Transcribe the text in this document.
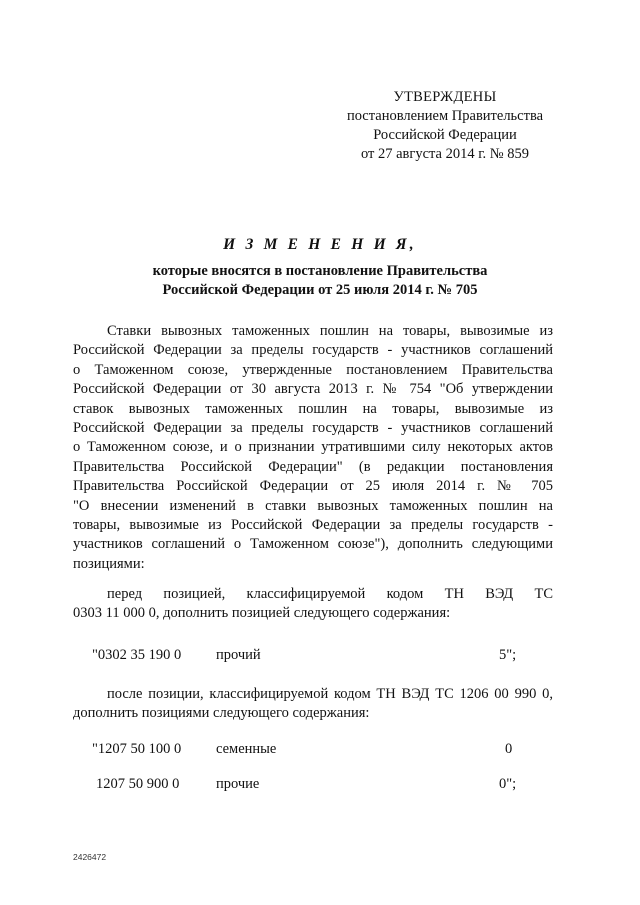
УТВЕРЖДЕНЫ
постановлением Правительства
Российской Федерации
от 27 августа 2014 г. № 859
И З М Е Н Е Н И Я,
которые вносятся в постановление Правительства
Российской Федерации от 25 июля 2014 г. № 705
Ставки вывозных таможенных пошлин на товары, вывозимые из
Российской Федерации за пределы государств - участников соглашений
о Таможенном союзе, утвержденные постановлением Правительства
Российской Федерации от 30 августа 2013 г. № 754 "Об утверждении
ставок вывозных таможенных пошлин на товары, вывозимые из
Российской Федерации за пределы государств - участников соглашений
о Таможенном союзе, и о признании утратившими силу некоторых актов
Правительства Российской Федерации" (в редакции постановления
Правительства Российской Федерации от 25 июля 2014 г. № 705
"О внесении изменений в ставки вывозных таможенных пошлин на
товары, вывозимые из Российской Федерации за пределы государств -
участников соглашений о Таможенном союзе"), дополнить следующими
позициями:
перед позицией, классифицируемой кодом ТН ВЭД ТС
0303 11 000 0, дополнить позицией следующего содержания:
"0302 35 190 0 прочий	5";
после позиции, классифицируемой кодом ТН ВЭД ТС 1206 00 990 0,
дополнить позициями следующего содержания:
"1207 50 100 0 семенные	0
1207 50 900 0	прочие	0";
2426472
